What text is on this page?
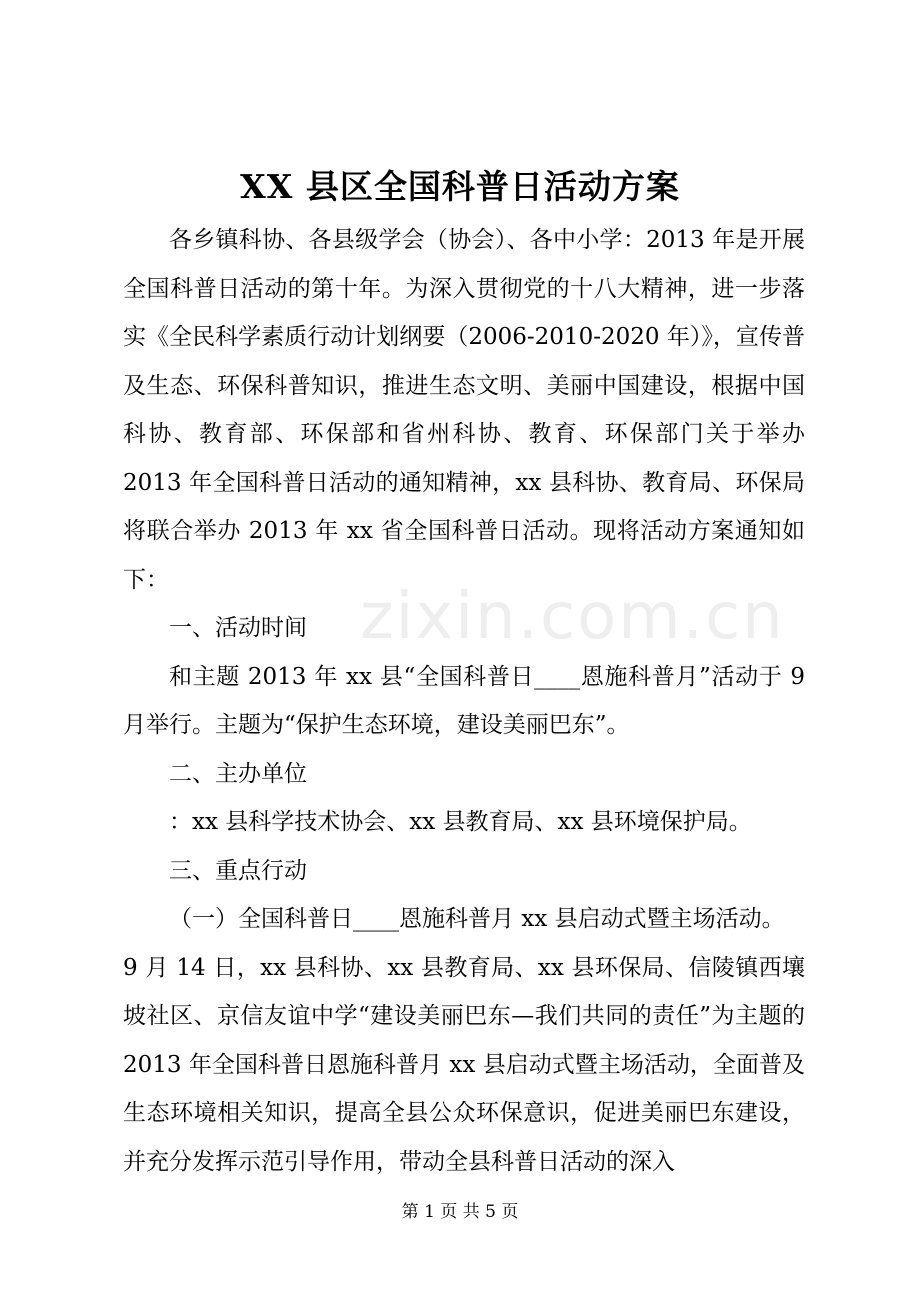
XX 县区全国科普日活动方案
zixin.com.cn

各乡镇科协、各县级学会（协会）、各中小学：2013 年是开展全国科普日活动的第十年。为深入贯彻党的十八大精神，进一步落实《全民科学素质行动计划纲要（2006-2010-2020 年）》，宣传普及生态、环保科普知识，推进生态文明、美丽中国建设，根据中国科协、教育部、环保部和省州科协、教育、环保部门关于举办 2013 年全国科普日活动的通知精神，xx 县科协、教育局、环保局将联合举办 2013 年 xx 省全国科普日活动。现将活动方案通知如下：

一、活动时间

和主题 2013 年 xx 县“全国科普日____恩施科普月”活动于 9 月举行。主题为“保护生态环境，建设美丽巴东”。

二、主办单位

：xx 县科学技术协会、xx 县教育局、xx 县环境保护局。

三、重点行动

（一）全国科普日____恩施科普月 xx 县启动式暨主场活动。

9 月 14 日，xx 县科协、xx 县教育局、xx 县环保局、信陵镇西壤坡社区、京信友谊中学“建设美丽巴东—我们共同的责任”为主题的 2013 年全国科普日恩施科普月 xx 县启动式暨主场活动，全面普及生态环境相关知识，提高全县公众环保意识，促进美丽巴东建设，并充分发挥示范引导作用，带动全县科普日活动的深入

第 1 页 共 5 页
